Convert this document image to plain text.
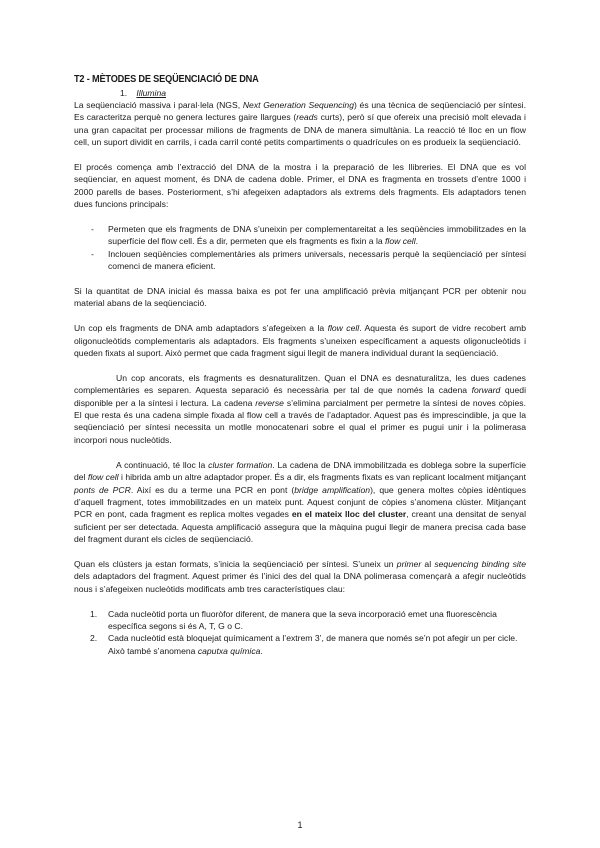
T2 - MÈTODES DE SEQÜENCIACIÓ DE DNA
1. Illumina

La seqüenciació massiva i paral·lela (NGS, Next Generation Sequencing) és una tècnica de seqüenciació per síntesi. Es caracteritza perquè no genera lectures gaire llargues (reads curts), però sí que ofereix una precisió molt elevada i una gran capacitat per processar milions de fragments de DNA de manera simultània. La reacció té lloc en un flow cell, un suport dividit en carrils, i cada carril conté petits compartiments o quadrícules on es produeix la seqüenciació.

El procés comença amb l’extracció del DNA de la mostra i la preparació de les llibreries. El DNA que es vol seqüenciar, en aquest moment, és DNA de cadena doble. Primer, el DNA es fragmenta en trossets d’entre 1000 i 2000 parells de bases. Posteriorment, s’hi afegeixen adaptadors als extrems dels fragments. Els adaptadors tenen dues funcions principals:

- Permeten que els fragments de DNA s’uneixin per complementareitat a les seqüències immobilitzades en la superfície del flow cell. És a dir, permeten que els fragments es fixin a la flow cell.
- Inclouen seqüències complementàries als primers universals, necessaris perquè la seqüenciació per síntesi comenci de manera eficient.

Si la quantitat de DNA inicial és massa baixa es pot fer una amplificació prèvia mitjançant PCR per obtenir nou material abans de la seqüenciació.

Un cop els fragments de DNA amb adaptadors s’afegeixen a la flow cell. Aquesta és suport de vidre recobert amb oligonucleòtids complementaris als adaptadors. Els fragments s’uneixen específicament a aquests oligonucleòtids i queden fixats al suport. Això permet que cada fragment sigui llegit de manera individual durant la seqüenciació.

Un cop ancorats, els fragments es desnaturalitzen. Quan el DNA es desnaturalitza, les dues cadenes complementàries es separen. Aquesta separació és necessària per tal de que només la cadena forward quedi disponible per a la síntesi i lectura. La cadena reverse s’elimina parcialment per permetre la síntesi de noves còpies. El que resta és una cadena simple fixada al flow cell a través de l’adaptador. Aquest pas és imprescindible, ja que la seqüenciació per síntesi necessita un motlle monocatenari sobre el qual el primer es pugui unir i la polimerasa incorpori nous nucleòtids.

A continuació, té lloc la cluster formation. La cadena de DNA immobilitzada es doblega sobre la superfície del flow cell i hibrida amb un altre adaptador proper. És a dir, els fragments fixats es van replicant localment mitjançant ponts de PCR. Així es du a terme una PCR en pont (bridge amplification), que genera moltes còpies idèntiques d’aquell fragment, totes immobilitzades en un mateix punt. Aquest conjunt de còpies s’anomena clúster. Mitjançant PCR en pont, cada fragment es replica moltes vegades en el mateix lloc del cluster, creant una densitat de senyal suficient per ser detectada. Aquesta amplificació assegura que la màquina pugui llegir de manera precisa cada base del fragment durant els cicles de seqüenciació.

Quan els clústers ja estan formats, s’inicia la seqüenciació per síntesi. S’uneix un primer al sequencing binding site dels adaptadors del fragment. Aquest primer és l’inici des del qual la DNA polimerasa començarà a afegir nucleòtids nous i s’afegeixen nucleòtids modificats amb tres característiques clau:

1. Cada nucleòtid porta un fluoròfor diferent, de manera que la seva incorporació emet una fluorescència específica segons si és A, T, G o C.
2. Cada nucleòtid està bloquejat químicament a l’extrem 3’, de manera que només se’n pot afegir un per cicle. Això també s’anomena caputxa química.
1
